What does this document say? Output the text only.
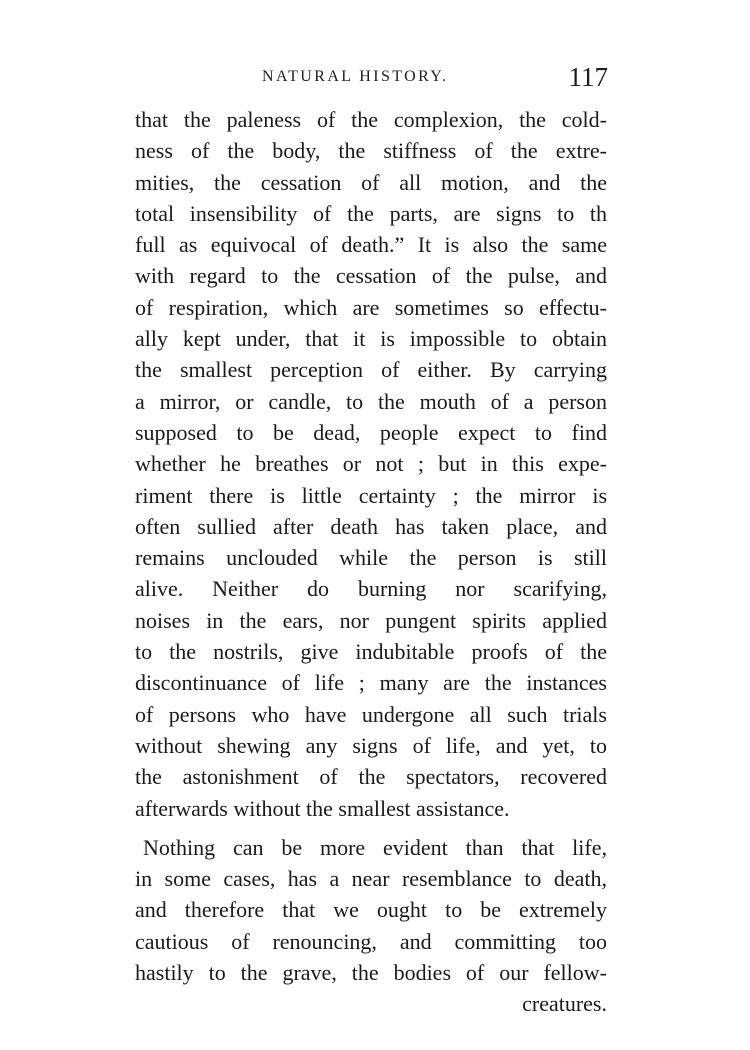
NATURAL HISTORY.	117
that the paleness of the complexion, the cold-
ness of the body, the stiffness of the extre-
mities, the cessation of all motion, and the
total insensibility of the parts, are signs to th
full as equivocal of death.” It is also the same
with regard to the cessation of the pulse, and
of respiration, which are sometimes so effectu-
ally kept under, that it is impossible to obtain
the smallest perception of either. By carrying
a mirror, or candle, to the mouth of a person
supposed to be dead, people expect to find
whether he breathes or not ; but in this expe-
riment there is little certainty ; the mirror is
often sullied after death has taken place, and
remains unclouded while the person is still
alive. Neither do burning nor scarifying,
noises in the ears, nor pungent spirits applied
to the nostrils, give indubitable proofs of the
discontinuance of life ; many are the instances
of persons who have undergone all such trials
without shewing any signs of life, and yet, to
the astonishment of the spectators, recovered
afterwards without the smallest assistance.
Nothing can be more evident than that life,
in some cases, has a near resemblance to death,
and therefore that we ought to be extremely
cautious of renouncing, and committing too
hastily to the grave, the bodies of our fellow-
creatures.
